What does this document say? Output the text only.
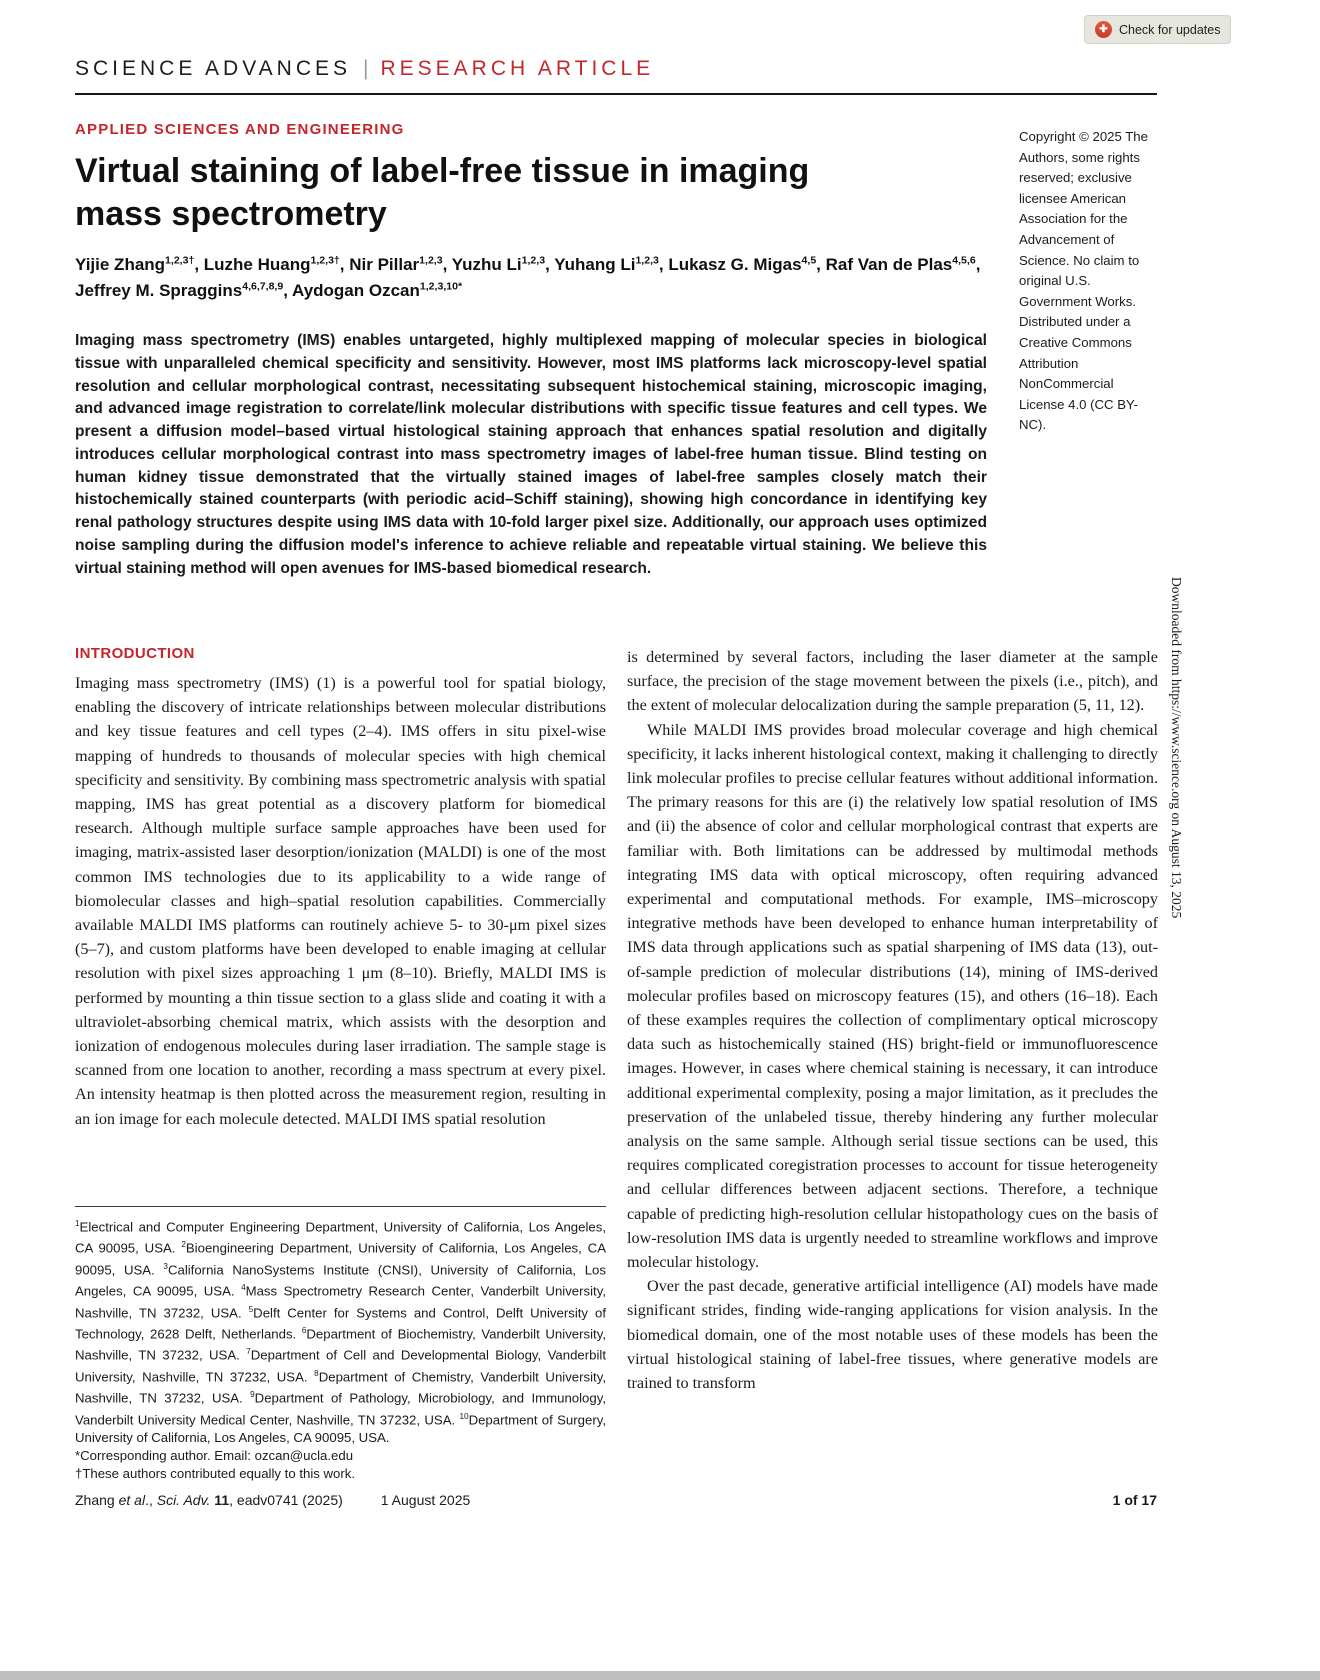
✚ Check for updates
SCIENCE ADVANCES | RESEARCH ARTICLE
APPLIED SCIENCES AND ENGINEERING
Virtual staining of label-free tissue in imaging mass spectrometry
Yijie Zhang$^{1,2,3\dagger}$, Luzhe Huang$^{1,2,3\dagger}$, Nir Pillar$^{1,2,3}$, Yuzhu Li$^{1,2,3}$, Yuhang Li$^{1,2,3}$, Lukasz G. Migas$^{4,5}$, Raf Van de Plas$^{4,5,6}$, Jeffrey M. Spraggins$^{4,6,7,8,9}$, Aydogan Ozcan$^{1,2,3,10*}$
Imaging mass spectrometry (IMS) enables untargeted, highly multiplexed mapping of molecular species in biological tissue with unparalleled chemical specificity and sensitivity. However, most IMS platforms lack microscopy-level spatial resolution and cellular morphological contrast, necessitating subsequent histochemical staining, microscopic imaging, and advanced image registration to correlate/link molecular distributions with specific tissue features and cell types. We present a diffusion model–based virtual histological staining approach that enhances spatial resolution and digitally introduces cellular morphological contrast into mass spectrometry images of label-free human tissue. Blind testing on human kidney tissue demonstrated that the virtually stained images of label-free samples closely match their histochemically stained counterparts (with periodic acid–Schiff staining), showing high concordance in identifying key renal pathology structures despite using IMS data with 10-fold larger pixel size. Additionally, our approach uses optimized noise sampling during the diffusion model's inference to achieve reliable and repeatable virtual staining. We believe this virtual staining method will open avenues for IMS-based biomedical research.
Copyright © 2025 The Authors, some rights reserved; exclusive licensee American Association for the Advancement of Science. No claim to original U.S. Government Works. Distributed under a Creative Commons Attribution NonCommercial License 4.0 (CC BY-NC).
Downloaded from https://www.science.org on August 13, 2025
INTRODUCTION

Imaging mass spectrometry (IMS) (1) is a powerful tool for spatial biology, enabling the discovery of intricate relationships between molecular distributions and key tissue features and cell types (2–4). IMS offers in situ pixel-wise mapping of hundreds to thousands of molecular species with high chemical specificity and sensitivity. By combining mass spectrometric analysis with spatial mapping, IMS has great potential as a discovery platform for biomedical research. Although multiple surface sample approaches have been used for imaging, matrix-assisted laser desorption/ionization (MALDI) is one of the most common IMS technologies due to its applicability to a wide range of biomolecular classes and high–spatial resolution capabilities. Commercially available MALDI IMS platforms can routinely achieve 5- to 30-μm pixel sizes (5–7), and custom platforms have been developed to enable imaging at cellular resolution with pixel sizes approaching 1 μm (8–10). Briefly, MALDI IMS is performed by mounting a thin tissue section to a glass slide and coating it with a ultraviolet-absorbing chemical matrix, which assists with the desorption and ionization of endogenous molecules during laser irradiation. The sample stage is scanned from one location to another, recording a mass spectrum at every pixel. An intensity heatmap is then plotted across the measurement region, resulting in an ion image for each molecule detected. MALDI IMS spatial resolution

is determined by several factors, including the laser diameter at the sample surface, the precision of the stage movement between the pixels (i.e., pitch), and the extent of molecular delocalization during the sample preparation (5, 11, 12).

While MALDI IMS provides broad molecular coverage and high chemical specificity, it lacks inherent histological context, making it challenging to directly link molecular profiles to precise cellular features without additional information. The primary reasons for this are (i) the relatively low spatial resolution of IMS and (ii) the absence of color and cellular morphological contrast that experts are familiar with. Both limitations can be addressed by multimodal methods integrating IMS data with optical microscopy, often requiring advanced experimental and computational methods. For example, IMS–microscopy integrative methods have been developed to enhance human interpretability of IMS data through applications such as spatial sharpening of IMS data (13), out-of-sample prediction of molecular distributions (14), mining of IMS-derived molecular profiles based on microscopy features (15), and others (16–18). Each of these examples requires the collection of complimentary optical microscopy data such as histochemically stained (HS) bright-field or immunofluorescence images. However, in cases where chemical staining is necessary, it can introduce additional experimental complexity, posing a major limitation, as it precludes the preservation of the unlabeled tissue, thereby hindering any further molecular analysis on the same sample. Although serial tissue sections can be used, this requires complicated coregistration processes to account for tissue heterogeneity and cellular differences between adjacent sections. Therefore, a technique capable of predicting high-resolution cellular histopathology cues on the basis of low-resolution IMS data is urgently needed to streamline workflows and improve molecular histology.

Over the past decade, generative artificial intelligence (AI) models have made significant strides, finding wide-ranging applications for vision analysis. In the biomedical domain, one of the most notable uses of these models has been the virtual histological staining of label-free tissues, where generative models are trained to transform

$^1$Electrical and Computer Engineering Department, University of California, Los Angeles, CA 90095, USA. $^2$Bioengineering Department, University of California, Los Angeles, CA 90095, USA. $^3$California NanoSystems Institute (CNSI), University of California, Los Angeles, CA 90095, USA. $^4$Mass Spectrometry Research Center, Vanderbilt University, Nashville, TN 37232, USA. $^5$Delft Center for Systems and Control, Delft University of Technology, 2628 Delft, Netherlands. $^6$Department of Biochemistry, Vanderbilt University, Nashville, TN 37232, USA. $^7$Department of Cell and Developmental Biology, Vanderbilt University, Nashville, TN 37232, USA. $^8$Department of Chemistry, Vanderbilt University, Nashville, TN 37232, USA. $^9$Department of Pathology, Microbiology, and Immunology, Vanderbilt University Medical Center, Nashville, TN 37232, USA. $^{10}$Department of Surgery, University of California, Los Angeles, CA 90095, USA.
*Corresponding author. Email: ozcan@ucla.edu
†These authors contributed equally to this work.
Zhang et al., Sci. Adv. 11, eadv0741 (2025)	1 August 2025	1 of 17
